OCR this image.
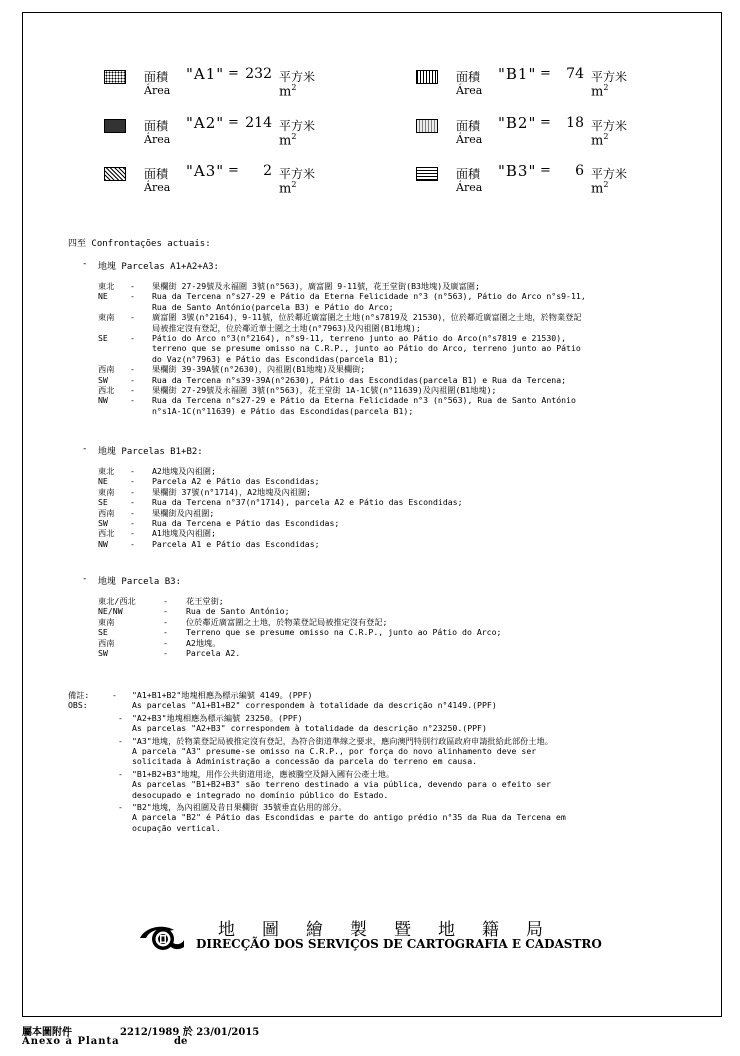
面積 "A1" = 232 平方米
Área	$m^2$
面積 "A2" = 214 平方米
Área	$m^2$
面積 "A3" =	2 平方米
Área	$m^2$
面積 "B1" =	74 平方米
Área	$m^2$
面積 "B2" =	18 平方米
Área	$m^2$
面積 "B3" =	6 平方米
Área	$m^2$
四至 Confrontações actuais:
- 地塊 Parcelas A1+A2+A3:
東北 - 果欄街 27-29號及永福圍 3號(n°563)，廣富圍 9-11號，花王堂街(B3地塊)及廣富圍;
NE	- Rua da Tercena n°s27-29 e Pátio da Eterna Felicidade n°3 (n°563), Pátio do Arco n°s9-11,
Rua de Santo António(parcela B3) e Pátio do Arco;
東南 - 廣富圍 3號(n°2164)，9-11號，位於鄰近廣富圍之土地(n°s7819及 21530)，位於鄰近廣富圍之土地，於物業登記
局被推定沒有登記，位於鄰近華士圍之土地(n°7963)及內祖圍(B1地塊);
SE	- Pátio do Arco n°3(n°2164), n°s9-11, terreno junto ao Pátio do Arco(n°s7819 e 21530),
terreno que se presume omisso na C.R.P., junto ao Pátio do Arco, terreno junto ao Pátio
do Vaz(n°7963) e Pátio das Escondidas(parcela B1);
西南 - 果欄街 39-39A號(n°2630)，內祖圍(B1地塊)及果欄街;
SW	- Rua da Tercena n°s39-39A(n°2630), Pátio das Escondidas(parcela B1) e Rua da Tercena;
西北 - 果欄街 27-29號及永福圍 3號(n°563)，花王堂街 1A-1C號(n°11639)及內祖圍(B1地塊);
NW	- Rua da Tercena n°s27-29 e Pátio da Eterna Felicidade n°3 (n°563), Rua de Santo António
n°s1A-1C(n°11639) e Pátio das Escondidas(parcela B1);
- 地塊 Parcelas B1+B2:
東北 - A2地塊及內祖圍;
NE	- Parcela A2 e Pátio das Escondidas;
東南 - 果欄街 37號(n°1714)，A2地塊及內祖圍;
SE	- Rua da Tercena n°37(n°1714), parcela A2 e Pátio das Escondidas;
西南 - 果欄街及內祖圍;
SW	- Rua da Tercena e Pátio das Escondidas;
西北 - A1地塊及內祖圍;
NW	- Parcela A1 e Pátio das Escondidas;
- 地塊 Parcela B3:
東北/西北	- 花王堂街;
NE/NW	- Rua de Santo António;
東南	- 位於鄰近廣富圍之土地，於物業登記局被推定沒有登記;
SE	- Terreno que se presume omisso na C.R.P., junto ao Pátio do Arco;
西南	- A2地塊。
SW	- Parcela A2.
備註:
OBS:
- "A1+B1+B2"地塊相應為標示編號 4149。(PPF)
As parcelas "A1+B1+B2" correspondem à totalidade da descrição n°4149.(PPF)
- "A2+B3"地塊相應為標示編號 23250。(PPF)
As parcelas "A2+B3" correspondem à totalidade da descrição n°23250.(PPF)
- "A3"地塊，於物業登記局被推定沒有登記，為符合街道準線之要求，應向澳門特別行政區政府申請批給此部份土地。
A parcela "A3" presume-se omisso na C.R.P., por força do novo alinhamento deve ser
solicitada à Administração a concessão da parcela do terreno em causa.
- "B1+B2+B3"地塊，用作公共街道用途，應被騰空及歸入國有公產土地。
As parcelas "B1+B2+B3" são terreno destinado a via pública, devendo para o efeito ser
desocupado e integrado no domínio público do Estado.
- "B2"地塊，為內祖圍及昔日果欄街 35號垂直佔用的部分。
A parcela "B2" é Pátio das Escondidas e parte do antigo prédio n°35 da Rua da Tercena em
ocupação vertical.
地圖繪製暨地籍局
DIRECÇÃO DOS SERVIÇOS DE CARTOGRAFIA E CADASTRO
屬本圖附件
Anexo à Planta
2212/1989 於 23/01/2015
de
